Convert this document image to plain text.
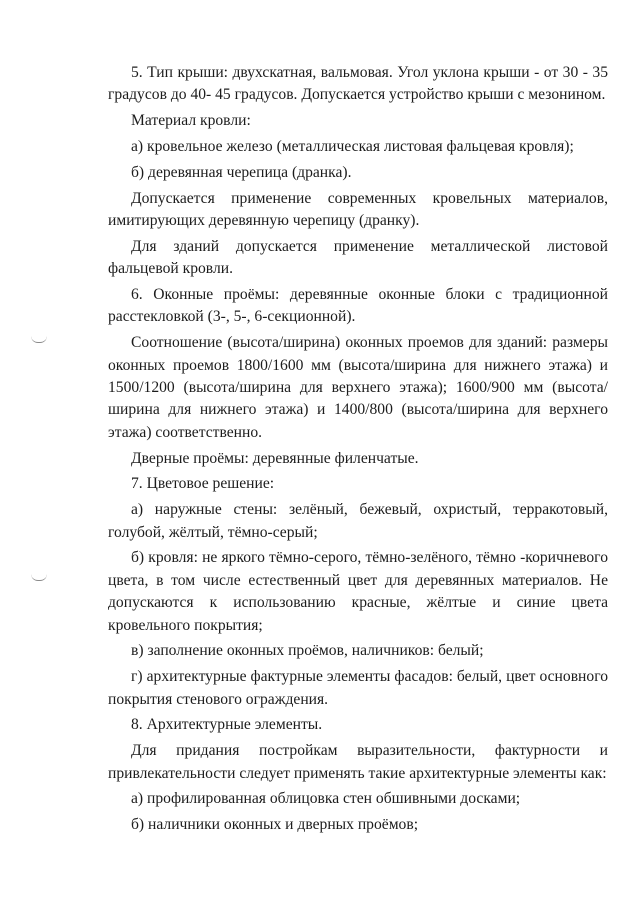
5. Тип крыши: двухскатная, вальмовая. Угол уклона крыши - от 30 - 35 градусов до 40- 45 градусов. Допускается устройство крыши с мезонином.

Материал кровли:

а) кровельное железо (металлическая листовая фальцевая кровля);

б) деревянная черепица (дранка).

Допускается применение современных кровельных материалов, имитирующих деревянную черепицу (дранку).

Для зданий допускается применение металлической листовой фальцевой кровли.

6. Оконные проёмы: деревянные оконные блоки с традиционной расстекловкой (3-, 5-, 6-секционной).

Соотношение (высота/ширина) оконных проемов для зданий: размеры оконных проемов 1800/1600 мм (высота/ширина для нижнего этажа) и 1500/1200 (высота/ширина для верхнего этажа); 1600/900 мм (высота/ширина для нижнего этажа) и 1400/800 (высота/ширина для верхнего этажа) соответственно.

Дверные проёмы: деревянные филенчатые.

7. Цветовое решение:

а) наружные стены: зелёный, бежевый, охристый, терракотовый, голубой, жёлтый, тёмно-серый;

б) кровля: не яркого тёмно-серого, тёмно-зелёного, тёмно -коричневого цвета, в том числе естественный цвет для деревянных материалов. Не допускаются к использованию красные, жёлтые и синие цвета кровельного покрытия;

в) заполнение оконных проёмов, наличников: белый;

г) архитектурные фактурные элементы фасадов: белый, цвет основного покрытия стенового ограждения.

8. Архитектурные элементы.

Для придания постройкам выразительности, фактурности и привлекательности следует применять такие архитектурные элементы как:

а) профилированная облицовка стен обшивными досками;

б) наличники оконных и дверных проёмов;
